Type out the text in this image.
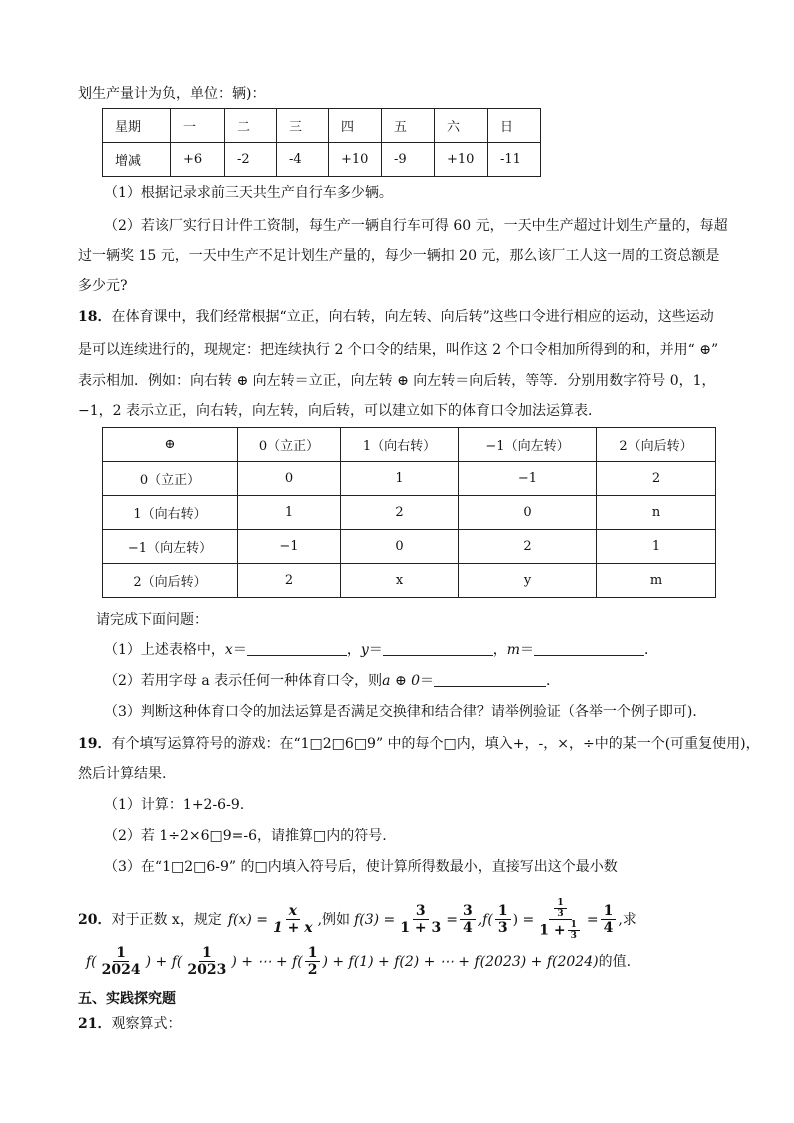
划生产量计为负，单位：辆)：
星期	一	二	三	四	五	六	日
增减	+6	-2	-4	+10	-9	+10	-11
（1）根据记录求前三天共生产自行车多少辆。
（2）若该厂实行日计件工资制，每生产一辆自行车可得 60 元，一天中生产超过计划生产量的，每超
过一辆奖 15 元，一天中生产不足计划生产量的，每少一辆扣 20 元，那么该厂工人这一周的工资总额是
多少元?
18．在体育课中，我们经常根据“立正，向右转，向左转、向后转”这些口令进行相应的运动，这些运动
是可以连续进行的，现规定：把连续执行 2 个口令的结果，叫作这 2 个口令相加所得到的和，并用“ ⊕”
表示相加．例如：向右转 ⊕ 向左转＝立正，向左转 ⊕ 向左转＝向后转，等等．分别用数字符号 0，1，
−1，2 表示立正，向右转，向左转，向后转，可以建立如下的体育口令加法运算表．
⊕	0（立正）	1（向右转）	−1（向左转）	2（向后转）
0（立正）	0	1	−1	2
1（向右转）	1	2	0	n
−1（向左转）	−1	0	2	1
2（向后转）	2	x	y	m
请完成下面问题：
（1）上述表格中，x＝	，y＝	，m＝	．
（2）若用字母 a 表示任何一种体育口令，则a ⊕ 0＝	．
（3）判断这种体育口令的加法运算是否满足交换律和结合律？请举例验证（各举一个例子即可)．
19．有个填写运算符号的游戏：在“1□2□6□9” 中的每个□内，填入+，-，×，÷中的某一个(可重复使用)，
然后计算结果.
（1）计算：1+2-6-9.
（2）若 1÷2×6□9=-6，请推算□内的符号.
（3）在“1□2□6-9” 的□内填入符号后，使计算所得数最小，直接写出这个最小数
20． 对于正数 x，规定 $f(x) = \frac{x}{1 + x}$ ,例如 $f(3) = \frac{3}{1 + 3} = \frac{3}{4} ,f( \frac{1}{3}$ ) = $\frac{\frac{1}{3}}{1 + \frac{1}{3}} = \frac{1}{4}$ ,求
$f( \frac{1}{2024}$ ) + $f( \frac{1}{2023}$ ) + ⋯ + $f( \frac{1}{2}$ ) + f(1) + f(2) + ⋯ + f(2023) + f(2024) 的值.
五、实践探究题
21．观察算式：
